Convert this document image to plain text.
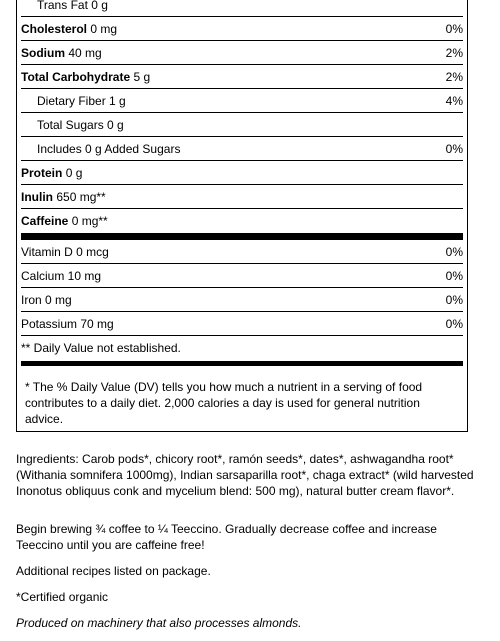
Trans Fat 0 g
Cholesterol 0 mg	0%
Sodium 40 mg	2%
Total Carbohydrate 5 g	2%
Dietary Fiber 1 g	4%
Total Sugars 0 g
Includes 0 g Added Sugars	0%
Protein 0 g
Inulin 650 mg**
Caffeine 0 mg**
Vitamin D 0 mcg	0%
Calcium 10 mg	0%
Iron 0 mg	0%
Potassium 70 mg	0%
** Daily Value not established.
* The % Daily Value (DV) tells you how much a nutrient in a serving of food contributes to a daily diet. 2,000 calories a day is used for general nutrition advice.
Ingredients: Carob pods*, chicory root*, ramón seeds*, dates*, ashwagandha root* (Withania somnifera 1000mg), Indian sarsaparilla root*, chaga extract* (wild harvested Inonotus obliquus conk and mycelium blend: 500 mg), natural butter cream flavor*.
Begin brewing ¾ coffee to ¼ Teeccino. Gradually decrease coffee and increase Teeccino until you are caffeine free!
Additional recipes listed on package.
*Certified organic
Produced on machinery that also processes almonds.
